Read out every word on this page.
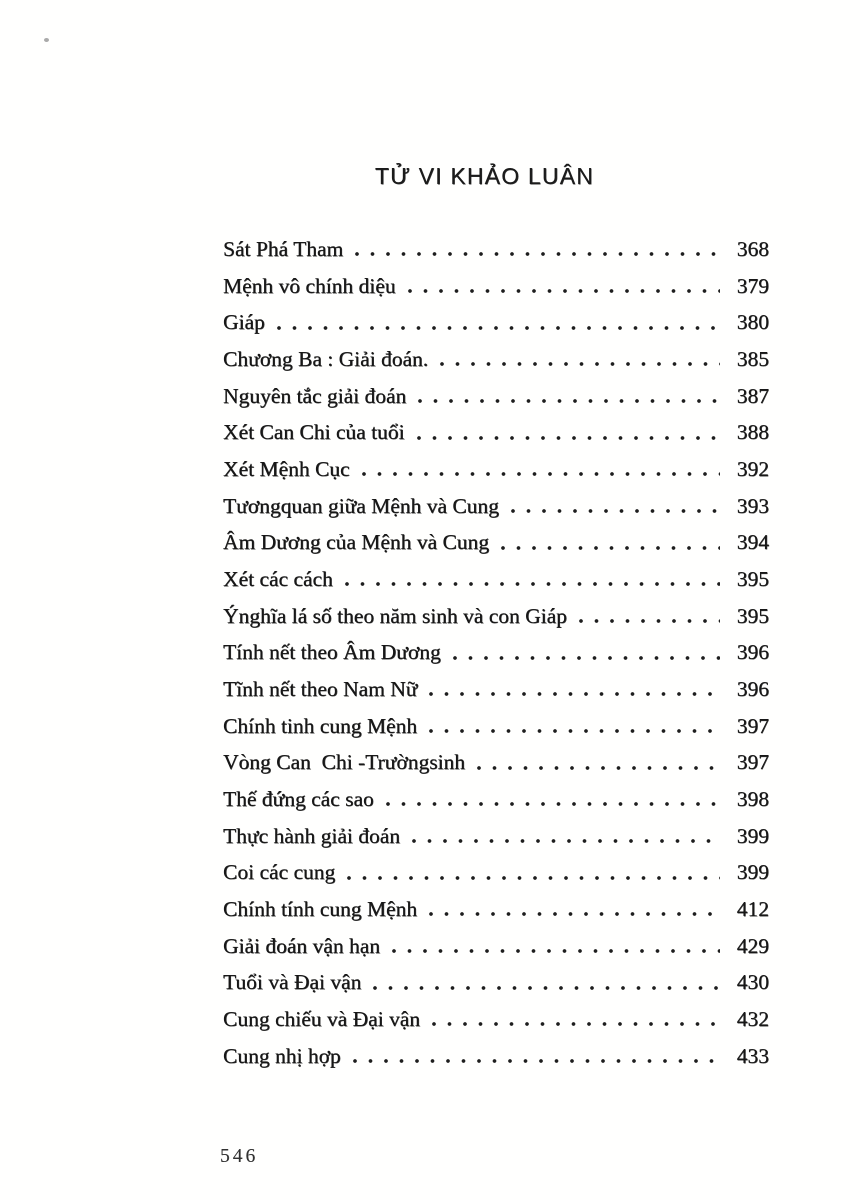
TỬ VI KHẢO LUÂN
Sát Phá Tham	368
Mệnh vô chính diệu	379
Giáp	380
Chương Ba : Giải đoán.	385
Nguyên tắc giải đoán	387
Xét Can Chi của tuổi	388
Xét Mệnh Cục	392
Tươngquan giữa Mệnh và Cung	393
Âm Dương của Mệnh và Cung	394
Xét các cách	395
Ýnghĩa lá số theo năm sinh và con Giáp	395
Tính nết theo Âm Dương	396
Tĩnh nết theo Nam Nữ	396
Chính tinh cung Mệnh	397
Vòng Can  Chi -Trườngsinh	397
Thế đứng các sao	398
Thực hành giải đoán	399
Coi các cung	399
Chính tính cung Mệnh	412
Giải đoán vận hạn	429
Tuổi và Đại vận	430
Cung chiếu và Đại vận	432
Cung nhị hợp	433
546
